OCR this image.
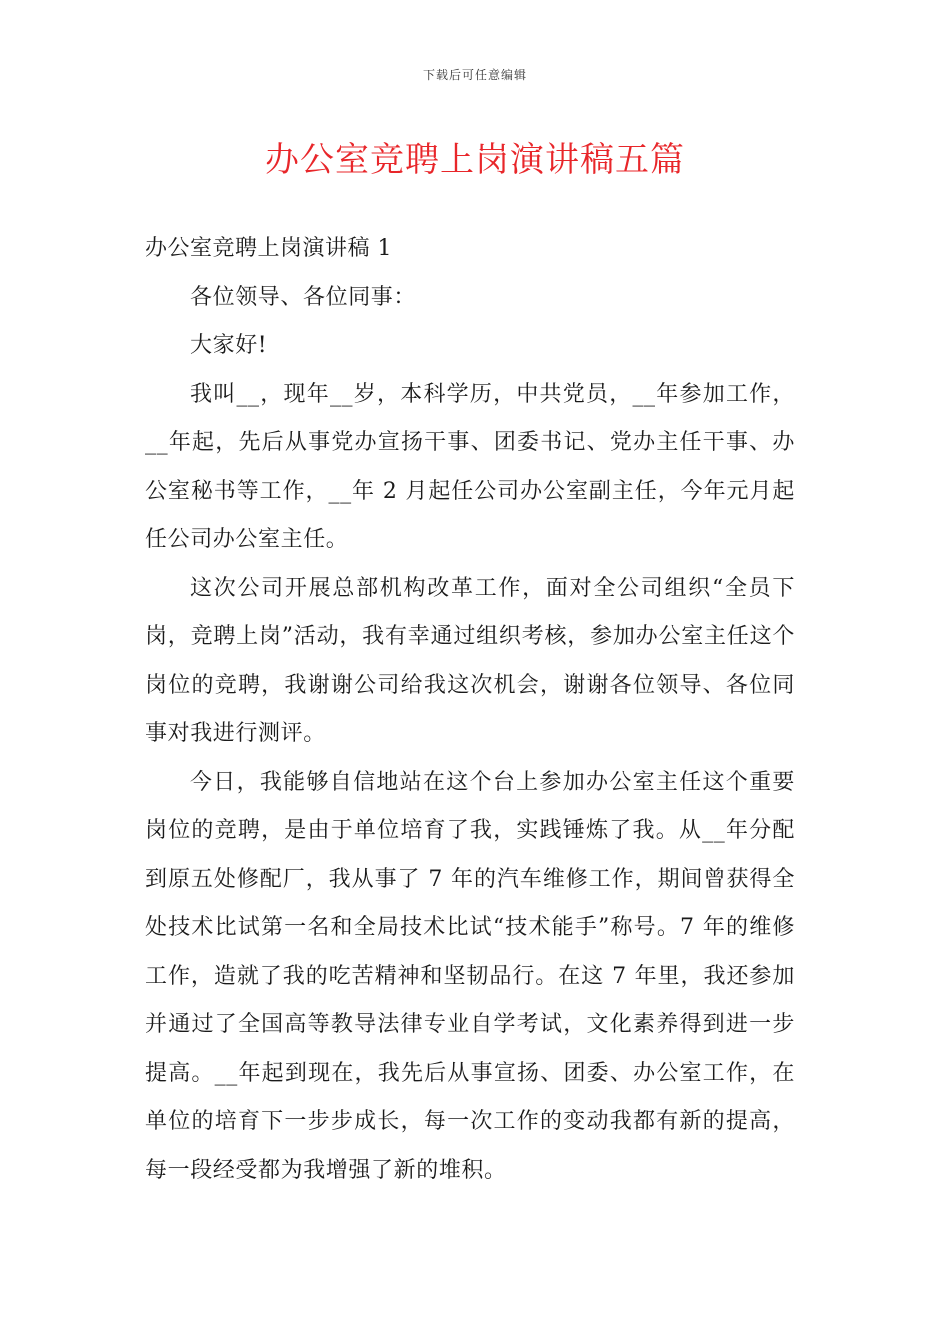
下载后可任意编辑
办公室竞聘上岗演讲稿五篇
办公室竞聘上岗演讲稿 1

各位领导、各位同事：

大家好!

我叫__，现年__岁，本科学历，中共党员，__年参加工作，__年起，先后从事党办宣扬干事、团委书记、党办主任干事、办公室秘书等工作，__年 2 月起任公司办公室副主任，今年元月起任公司办公室主任。

这次公司开展总部机构改革工作，面对全公司组织“全员下岗，竞聘上岗”活动，我有幸通过组织考核，参加办公室主任这个岗位的竞聘，我谢谢公司给我这次机会，谢谢各位领导、各位同事对我进行测评。

今日，我能够自信地站在这个台上参加办公室主任这个重要岗位的竞聘，是由于单位培育了我，实践锤炼了我。从__年分配到原五处修配厂，我从事了 7 年的汽车维修工作，期间曾获得全处技术比试第一名和全局技术比试“技术能手”称号。7 年的维修工作，造就了我的吃苦精神和坚韧品行。在这 7 年里，我还参加并通过了全国高等教导法律专业自学考试，文化素养得到进一步提高。__年起到现在，我先后从事宣扬、团委、办公室工作，在单位的培育下一步步成长，每一次工作的变动我都有新的提高，每一段经受都为我增强了新的堆积。
